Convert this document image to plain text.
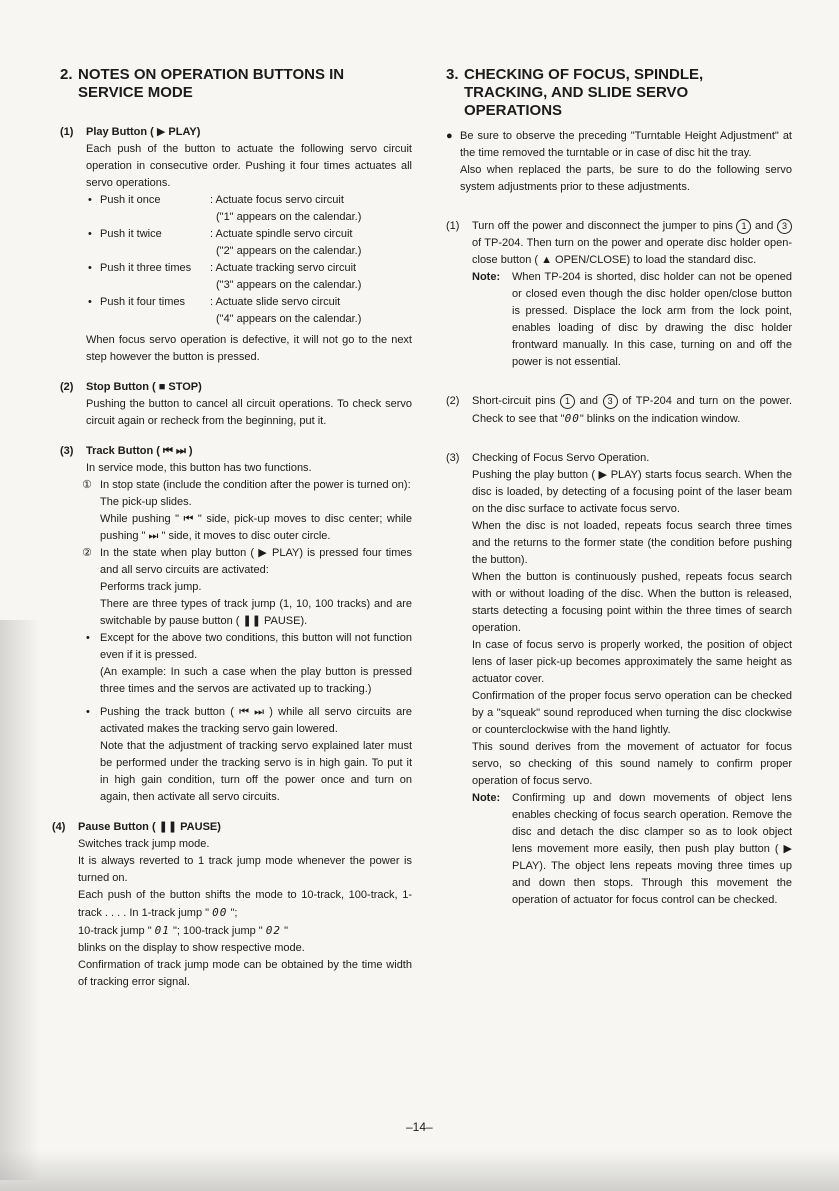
2. NOTES ON OPERATION BUTTONS IN
SERVICE MODE
(1) Play Button ( ▶ PLAY)
Each push of the button to actuate the following servo circuit operation in consecutive order. Pushing it four times actuates all servo operations.
• Push it once	: Actuate focus servo circuit
("1" appears on the calendar.)
• Push it twice	: Actuate spindle servo circuit
("2" appears on the calendar.)
• Push it three times	: Actuate tracking servo circuit
("3" appears on the calendar.)
• Push it four times	: Actuate slide servo circuit
("4" appears on the calendar.)
When focus servo operation is defective, it will not go to the next step however the button is pressed.
(2) Stop Button ( ■ STOP)
Pushing the button to cancel all circuit operations. To check servo circuit again or recheck from the beginning, put it.
(3) Track Button ( ⏮ ⏭ )
In service mode, this button has two functions.
① In stop state (include the condition after the power is turned on):
The pick-up slides.
While pushing " ⏮ " side, pick-up moves to disc center; while pushing " ⏭ " side, it moves to disc outer circle.
② In the state when play button ( ▶ PLAY) is pressed four times and all servo circuits are activated:
Performs track jump.
There are three types of track jump (1, 10, 100 tracks) and are switchable by pause button ( ❚❚ PAUSE).
• Except for the above two conditions, this button will not function even if it is pressed.
(An example: In such a case when the play button is pressed three times and the servos are activated up to tracking.)
• Pushing the track button ( ⏮ ⏭ ) while all servo circuits are activated makes the tracking servo gain lowered.
Note that the adjustment of tracking servo explained later must be performed under the tracking servo is in high gain. To put it in high gain condition, turn off the power once and turn on again, then activate all servo circuits.
(4) Pause Button ( ❚❚ PAUSE)
Switches track jump mode.
It is always reverted to 1 track jump mode whenever the power is turned on.
Each push of the button shifts the mode to 10-track, 100-track, 1-track . . . . In 1-track jump " 00 ";
10-track jump " 01 "; 100-track jump " 02 "
blinks on the display to show respective mode.
Confirmation of track jump mode can be obtained by the time width of tracking error signal.
3. CHECKING OF FOCUS, SPINDLE,
TRACKING, AND SLIDE SERVO
OPERATIONS
● Be sure to observe the preceding "Turntable Height Adjustment" at the time removed the turntable or in case of disc hit the tray.
Also when replaced the parts, be sure to do the following servo system adjustments prior to these adjustments.
(1)	Turn off the power and disconnect the jumper to pins 1 and 3 of TP-204. Then turn on the power and operate disc holder open-close button ( ▲ OPEN/CLOSE) to load the standard disc.
Note:	When TP-204 is shorted, disc holder can not be opened or closed even though the disc holder open/close button is pressed. Displace the lock arm from the lock point, enables loading of disc by drawing the disc holder frontward manually. In this case, turning on and off the power is not essential.
(2)	Short-circuit pins 1 and 3 of TP-204 and turn on the power. Check to see that "00" blinks on the indication window.
(3)	Checking of Focus Servo Operation.
Pushing the play button ( ▶ PLAY) starts focus search. When the disc is loaded, by detecting of a focusing point of the laser beam on the disc surface to activate focus servo.
When the disc is not loaded, repeats focus search three times and the returns to the former state (the condition before pushing the button).
When the button is continuously pushed, repeats focus search with or without loading of the disc. When the button is released, starts detecting a focusing point within the three times of search operation.
In case of focus servo is properly worked, the position of object lens of laser pick-up becomes approximately the same height as actuator cover.
Confirmation of the proper focus servo operation can be checked by a "squeak" sound reproduced when turning the disc clockwise or counterclockwise with the hand lightly.
This sound derives from the movement of actuator for focus servo, so checking of this sound namely to confirm proper operation of focus servo.
Note:	Confirming up and down movements of object lens enables checking of focus search operation. Remove the disc and detach the disc clamper so as to look object lens movement more easily, then push play button ( ▶ PLAY). The object lens repeats moving three times up and down then stops. Through this movement the operation of actuator for focus control can be checked.
–14–
